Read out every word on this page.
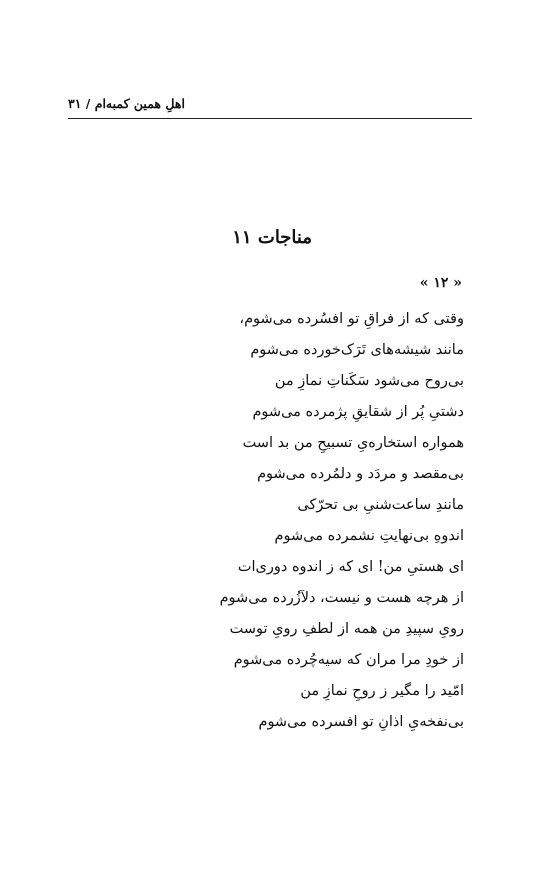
اهلِ همین کمبه‌ام / ۳۱
مناجات ۱۱
« ۱۲ »
وقتی که از فراقِ تو افسُرده می‌شوم،
مانند شیشه‌های تَرَک‌خورده می‌شوم
بی‌روح می‌شود سَکَناتِ نمازِ من
دشتیِ پُر از شقایقِ پژمرده می‌شوم
همواره استخاره‌یِ تسبیحِ من بد است
بی‌مقصد و مردَد و دلمُرده می‌شوم
مانندِ ساعت‌شنیِ بی تحرّکی
اندوهِ بی‌نهایتِ نشمرده می‌شوم
ای هستیِ من! ای که ز اندوه دوری‌ات
از هرچه هست و نیست، دلآزُرده می‌شوم
رویِ سپیدِ من همه از لطفِ رویِ توست
از خودِ مرا مران که سیه‌چُرده می‌شوم
امّید را مگیر ز روحِ نمازِ من
بی‌نفخه‌یِ اذانِ تو افسرده می‌شوم
